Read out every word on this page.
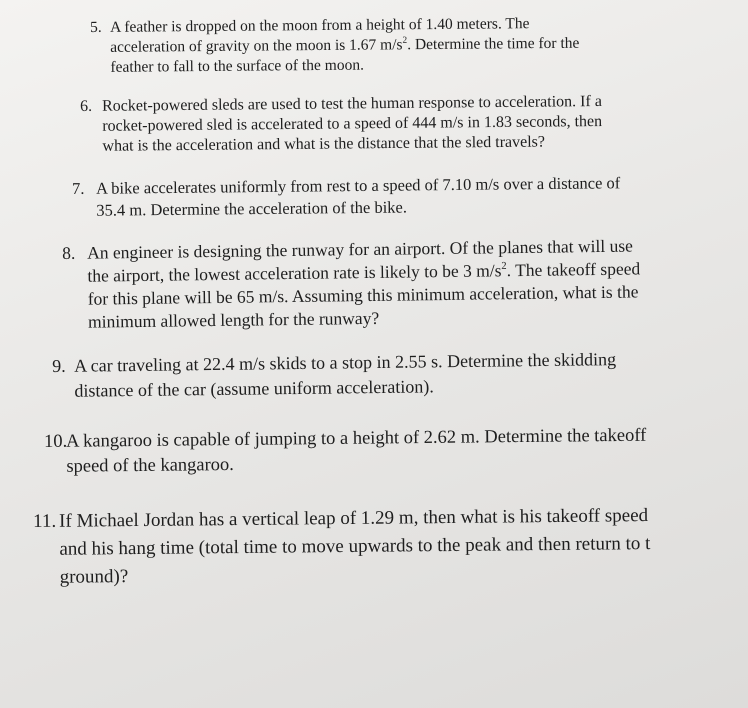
5. A feather is dropped on the moon from a height of 1.40 meters. The
acceleration of gravity on the moon is 1.67 $m/s^2$. Determine the time for the
feather to fall to the surface of the moon.
6. Rocket-powered sleds are used to test the human response to acceleration. If a
rocket-powered sled is accelerated to a speed of 444 m/s in 1.83 seconds, then
what is the acceleration and what is the distance that the sled travels?
7. A bike accelerates uniformly from rest to a speed of 7.10 m/s over a distance of
35.4 m. Determine the acceleration of the bike.
8. An engineer is designing the runway for an airport. Of the planes that will use
the airport, the lowest acceleration rate is likely to be 3 $m/s^2$. The takeoff speed
for this plane will be 65 m/s. Assuming this minimum acceleration, what is the
minimum allowed length for the runway?
9. A car traveling at 22.4 m/s skids to a stop in 2.55 s. Determine the skidding
distance of the car (assume uniform acceleration).
10.
A kangaroo is capable of jumping to a height of 2.62 m. Determine the takeoff
speed of the kangaroo.
11. If Michael Jordan has a vertical leap of 1.29 m, then what is his takeoff speed
and his hang time (total time to move upwards to the peak and then return to t
ground)?
